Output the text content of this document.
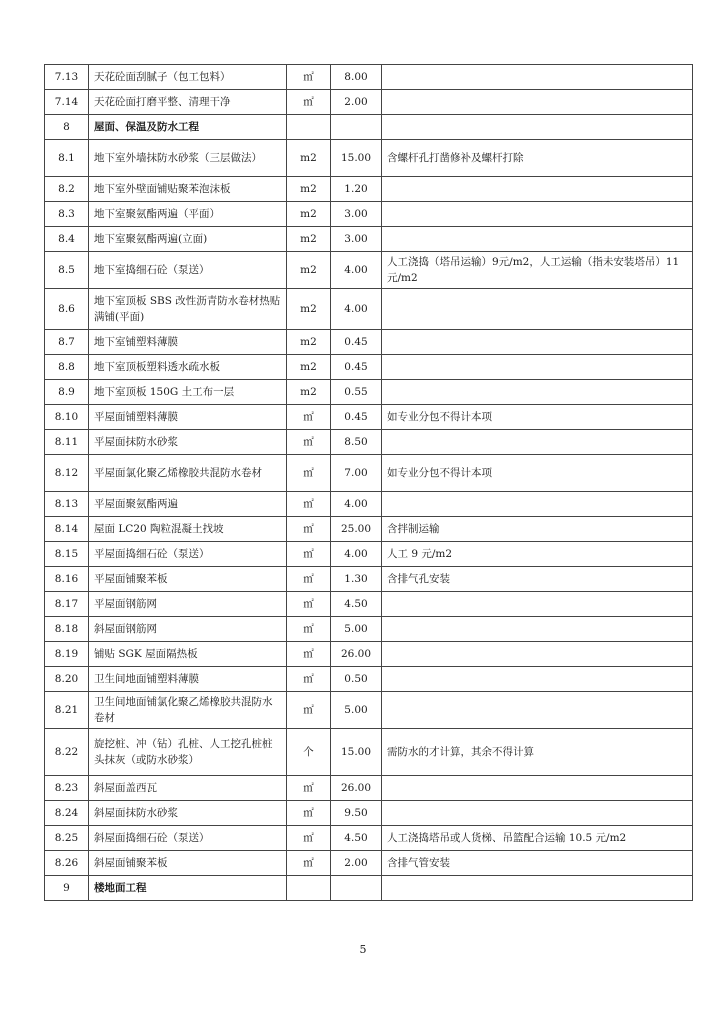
7.13	天花砼面刮腻子（包工包料）	㎡	8.00	
7.14	天花砼面打磨平整、清理干净	㎡	2.00	
8	屋面、保温及防水工程			
8.1	地下室外墙抹防水砂浆（三层做法）	m2	15.00	含螺杆孔打凿修补及螺杆打除
8.2	地下室外壁面铺贴聚苯泡沫板	m2	1.20	
8.3	地下室聚氨酯两遍（平面）	m2	3.00	
8.4	地下室聚氨酯两遍(立面)	m2	3.00	
8.5	地下室捣细石砼（泵送）	m2	4.00	人工浇捣（塔吊运输）9元/m2，人工运输（指未安装塔吊）11元/m2
8.6	地下室顶板 SBS 改性沥青防水卷材热贴满铺(平面)	m2	4.00	
8.7	地下室铺塑料薄膜	m2	0.45	
8.8	地下室顶板塑料透水疏水板	m2	0.45	
8.9	地下室顶板 150G 土工布一层	m2	0.55	
8.10	平屋面铺塑料薄膜	㎡	0.45	如专业分包不得计本项
8.11	平屋面抹防水砂浆	㎡	8.50	
8.12	平屋面氯化聚乙烯橡胶共混防水卷材	㎡	7.00	如专业分包不得计本项
8.13	平屋面聚氨酯两遍	㎡	4.00	
8.14	屋面 LC20 陶粒混凝土找坡	㎡	25.00	含拌制运输
8.15	平屋面捣细石砼（泵送）	㎡	4.00	人工 9 元/m2
8.16	平屋面铺聚苯板	㎡	1.30	含排气孔安装
8.17	平屋面钢筋网	㎡	4.50	
8.18	斜屋面钢筋网	㎡	5.00	
8.19	铺贴 SGK 屋面隔热板	㎡	26.00	
8.20	卫生间地面铺塑料薄膜	㎡	0.50	
8.21	卫生间地面铺氯化聚乙烯橡胶共混防水卷材	㎡	5.00	
8.22	旋挖桩、冲（钻）孔桩、人工挖孔桩桩头抹灰（或防水砂浆）	个	15.00	需防水的才计算，其余不得计算
8.23	斜屋面盖西瓦	㎡	26.00	
8.24	斜屋面抹防水砂浆	㎡	9.50	
8.25	斜屋面捣细石砼（泵送）	㎡	4.50	人工浇捣塔吊或人货梯、吊篮配合运输 10.5 元/m2
8.26	斜屋面铺聚苯板	㎡	2.00	含排气管安装
9	楼地面工程			
5
